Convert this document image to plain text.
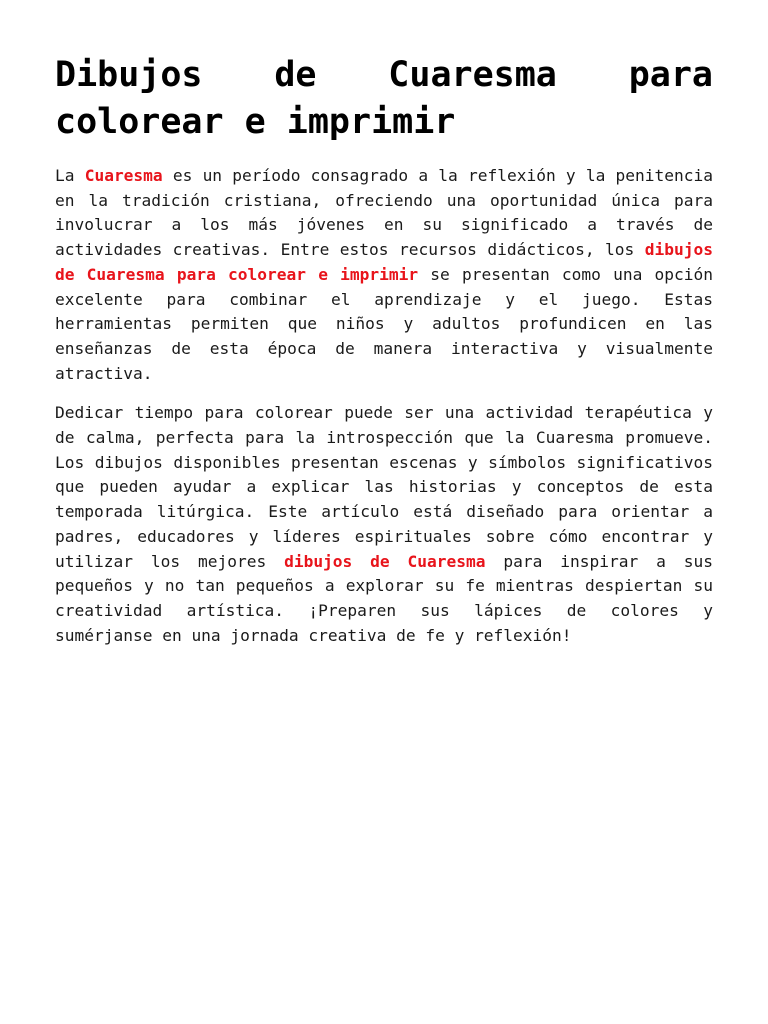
Dibujos de Cuaresma para colorear e imprimir

La Cuaresma es un período consagrado a la reflexión y la penitencia en la tradición cristiana, ofreciendo una oportunidad única para involucrar a los más jóvenes en su significado a través de actividades creativas. Entre estos recursos didácticos, los dibujos de Cuaresma para colorear e imprimir se presentan como una opción excelente para combinar el aprendizaje y el juego. Estas herramientas permiten que niños y adultos profundicen en las enseñanzas de esta época de manera interactiva y visualmente atractiva.

Dedicar tiempo para colorear puede ser una actividad terapéutica y de calma, perfecta para la introspección que la Cuaresma promueve. Los dibujos disponibles presentan escenas y símbolos significativos que pueden ayudar a explicar las historias y conceptos de esta temporada litúrgica. Este artículo está diseñado para orientar a padres, educadores y líderes espirituales sobre cómo encontrar y utilizar los mejores dibujos de Cuaresma para inspirar a sus pequeños y no tan pequeños a explorar su fe mientras despiertan su creatividad artística. ¡Preparen sus lápices de colores y sumérjanse en una jornada creativa de fe y reflexión!
